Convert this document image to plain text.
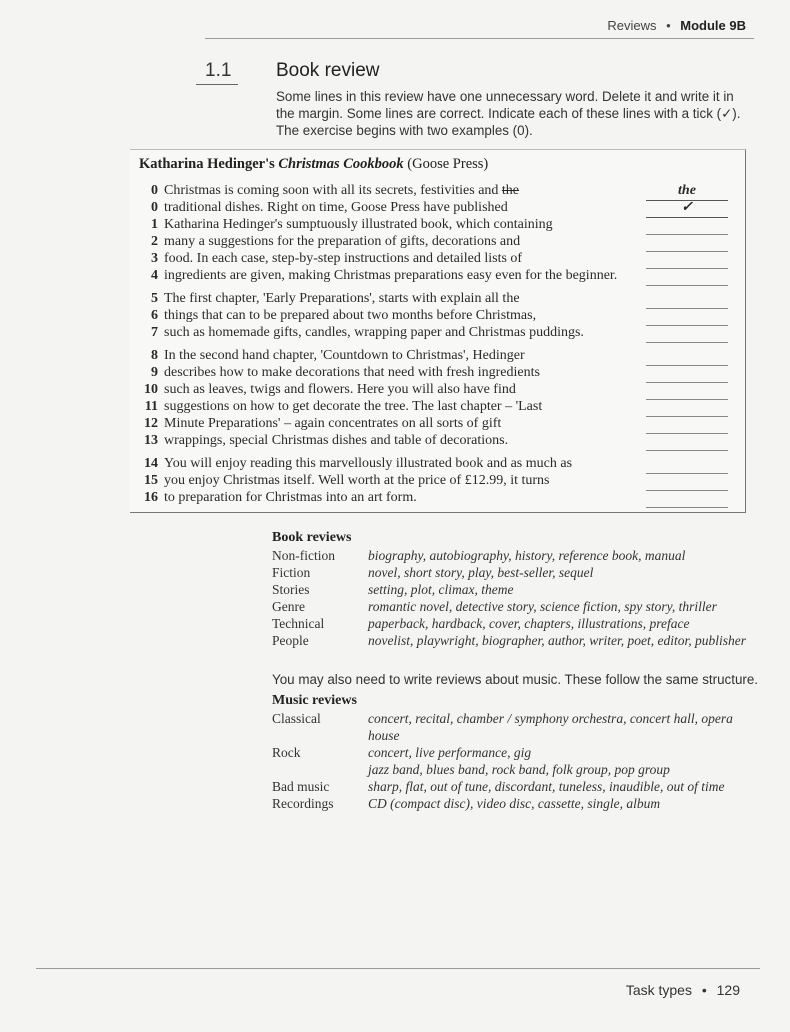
Reviews • Module 9B
1.1 Book review
Some lines in this review have one unnecessary word. Delete it and write it in the margin. Some lines are correct. Indicate each of these lines with a tick (✓). The exercise begins with two examples (0).
Katharina Hedinger's Christmas Cookbook (Goose Press)
0 Christmas is coming soon with all its secrets, festivities and the	the
0 traditional dishes. Right on time, Goose Press have published	✓
1 Katharina Hedinger's sumptuously illustrated book, which containing
2 many a suggestions for the preparation of gifts, decorations and
3 food. In each case, step-by-step instructions and detailed lists of
4 ingredients are given, making Christmas preparations easy even for the beginner.
5 The first chapter, 'Early Preparations', starts with explain all the
6 things that can to be prepared about two months before Christmas,
7 such as homemade gifts, candles, wrapping paper and Christmas puddings.
8 In the second hand chapter, 'Countdown to Christmas', Hedinger
9 describes how to make decorations that need with fresh ingredients
10 such as leaves, twigs and flowers. Here you will also have find
11 suggestions on how to get decorate the tree. The last chapter – 'Last
12 Minute Preparations' – again concentrates on all sorts of gift
13 wrappings, special Christmas dishes and table of decorations.
14 You will enjoy reading this marvellously illustrated book and as much as
15 you enjoy Christmas itself. Well worth at the price of £12.99, it turns
16 to preparation for Christmas into an art form.
Book reviews
Non-fiction biography, autobiography, history, reference book, manual
Fiction	novel, short story, play, best-seller, sequel
Stories	setting, plot, climax, theme
Genre	romantic novel, detective story, science fiction, spy story, thriller
Technical	paperback, hardback, cover, chapters, illustrations, preface
People	novelist, playwright, biographer, author, writer, poet, editor, publisher
You may also need to write reviews about music. These follow the same structure.
Music reviews
Classical	concert, recital, chamber / symphony orchestra, concert hall, opera house
Rock	concert, live performance, gig
jazz band, blues band, rock band, folk group, pop group
Bad music	sharp, flat, out of tune, discordant, tuneless, inaudible, out of time
Recordings	CD (compact disc), video disc, cassette, single, album
Task types • 129
